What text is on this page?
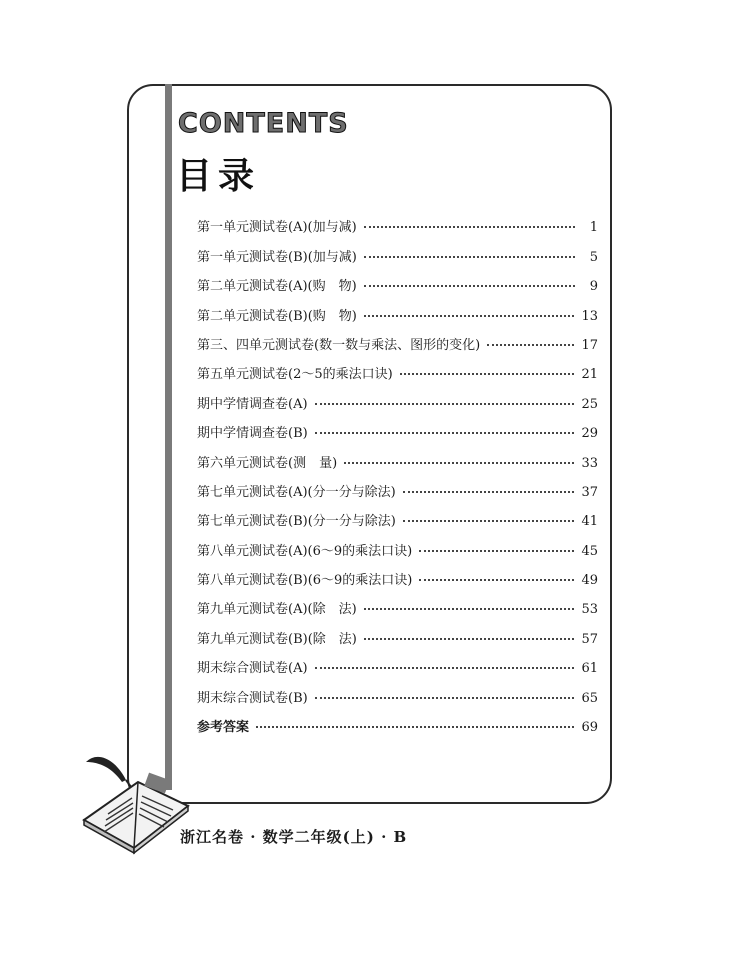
CONTENTS
目录
第一单元测试卷(A)(加与减)	1
第一单元测试卷(B)(加与减)	5
第二单元测试卷(A)(购　物)	9
第二单元测试卷(B)(购　物)	13
第三、四单元测试卷(数一数与乘法、图形的变化)	17
第五单元测试卷(2～5的乘法口诀)	21
期中学情调查卷(A)	25
期中学情调查卷(B)	29
第六单元测试卷(测　量)	33
第七单元测试卷(A)(分一分与除法)	37
第七单元测试卷(B)(分一分与除法)	41
第八单元测试卷(A)(6～9的乘法口诀)	45
第八单元测试卷(B)(6～9的乘法口诀)	49
第九单元测试卷(A)(除　法)	53
第九单元测试卷(B)(除　法)	57
期末综合测试卷(A)	61
期末综合测试卷(B)	65
参考答案	69
浙江名卷 · 数学二年级(上) · B
